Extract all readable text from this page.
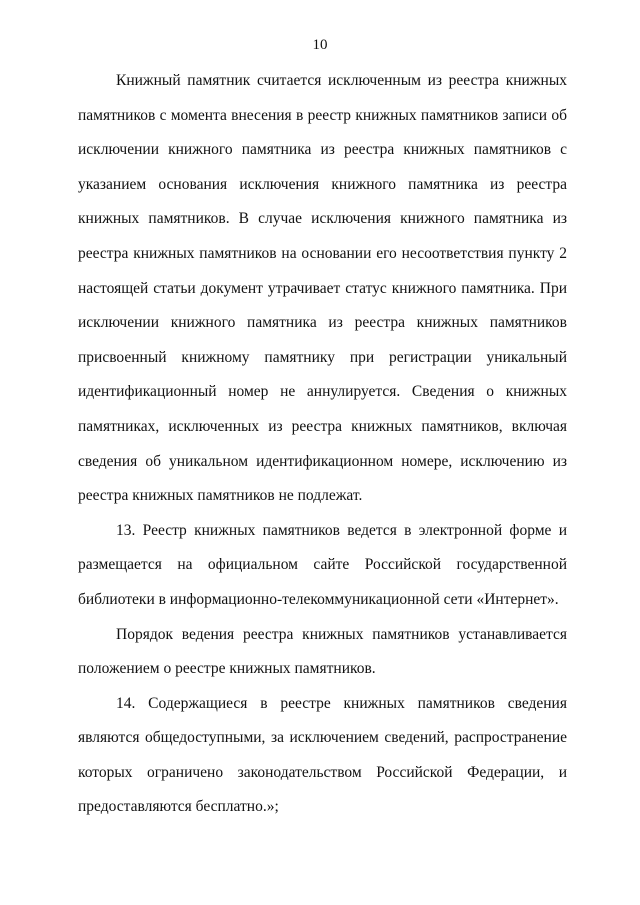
10

Книжный памятник считается исключенным из реестра книжных памятников с момента внесения в реестр книжных памятников записи об исключении книжного памятника из реестра книжных памятников с указанием основания исключения книжного памятника из реестра книжных памятников. В случае исключения книжного памятника из реестра книжных памятников на основании его несоответствия пункту 2 настоящей статьи документ утрачивает статус книжного памятника. При исключении книжного памятника из реестра книжных памятников присвоенный книжному памятнику при регистрации уникальный идентификационный номер не аннулируется. Сведения о книжных памятниках, исключенных из реестра книжных памятников, включая сведения об уникальном идентификационном номере, исключению из реестра книжных памятников не подлежат.

13. Реестр книжных памятников ведется в электронной форме и размещается на официальном сайте Российской государственной библиотеки в информационно-телекоммуникационной сети «Интернет».

Порядок ведения реестра книжных памятников устанавливается положением о реестре книжных памятников.

14. Содержащиеся в реестре книжных памятников сведения являются общедоступными, за исключением сведений, распространение которых ограничено законодательством Российской Федерации, и предоставляются бесплатно.»;
